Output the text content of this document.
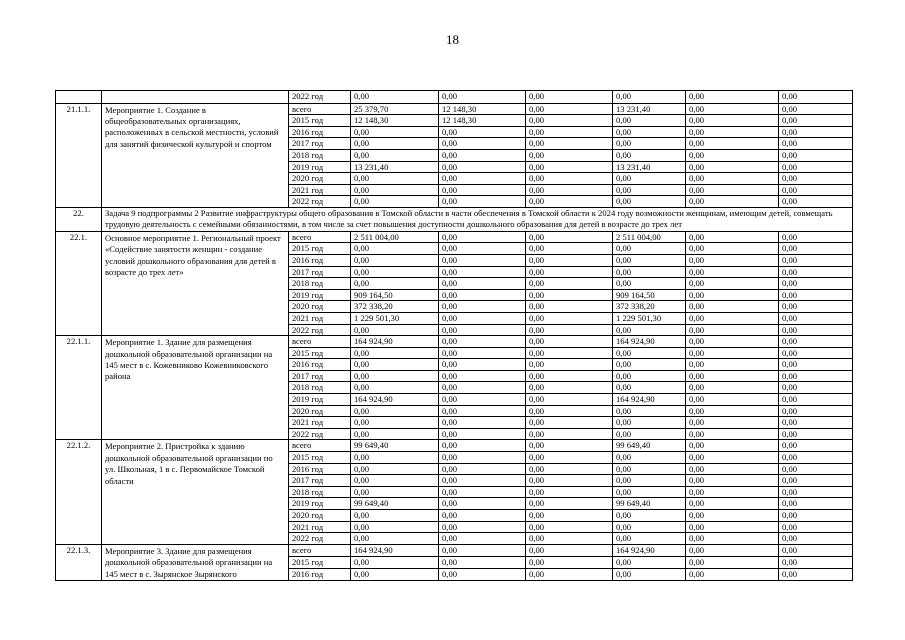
18
		2022 год	0,00	0,00	0,00	0,00	0,00	0,00
21.1.1.	Мероприятие 1. Создание в общеобразовательных организациях, расположенных в сельской местности, условий для занятий физической культурой и спортом	всего	25 379,70	12 148,30	0,00	13 231,40	0,00	0,00
		2015 год	12 148,30	12 148,30	0,00	0,00	0,00	0,00
		2016 год	0,00	0,00	0,00	0,00	0,00	0,00
		2017 год	0,00	0,00	0,00	0,00	0,00	0,00
		2018 год	0,00	0,00	0,00	0,00	0,00	0,00
		2019 год	13 231,40	0,00	0,00	13 231,40	0,00	0,00
		2020 год	0,00	0,00	0,00	0,00	0,00	0,00
		2021 год	0,00	0,00	0,00	0,00	0,00	0,00
		2022 год	0,00	0,00	0,00	0,00	0,00	0,00
22.	Задача 9 подпрограммы 2 Развитие инфраструктуры общего образования в Томской области в части обеспечения в Томской области к 2024 году возможности женщинам, имеющим детей, совмещать трудовую деятельность с семейными обязанностями, в том числе за счет повышения доступности дошкольного образования для детей в возрасте до трех лет							
22.1.	Основное мероприятие 1. Региональный проект «Содействие занятости женщин - создание условий дошкольного образования для детей в возрасте до трех лет»	всего	2 511 004,00	0,00	0,00	2 511 004,00	0,00	0,00
		2015 год	0,00	0,00	0,00	0,00	0,00	0,00
		2016 год	0,00	0,00	0,00	0,00	0,00	0,00
		2017 год	0,00	0,00	0,00	0,00	0,00	0,00
		2018 год	0,00	0,00	0,00	0,00	0,00	0,00
		2019 год	909 164,50	0,00	0,00	909 164,50	0,00	0,00
		2020 год	372 338,20	0,00	0,00	372 338,20	0,00	0,00
		2021 год	1 229 501,30	0,00	0,00	1 229 501,30	0,00	0,00
		2022 год	0,00	0,00	0,00	0,00	0,00	0,00
22.1.1.	Мероприятие 1. Здание для размещения дошкольной образовательной организации на 145 мест в с. Кожевниково Кожевниковского района	всего	164 924,90	0,00	0,00	164 924,90	0,00	0,00
		2015 год	0,00	0,00	0,00	0,00	0,00	0,00
		2016 год	0,00	0,00	0,00	0,00	0,00	0,00
		2017 год	0,00	0,00	0,00	0,00	0,00	0,00
		2018 год	0,00	0,00	0,00	0,00	0,00	0,00
		2019 год	164 924,90	0,00	0,00	164 924,90	0,00	0,00
		2020 год	0,00	0,00	0,00	0,00	0,00	0,00
		2021 год	0,00	0,00	0,00	0,00	0,00	0,00
		2022 год	0,00	0,00	0,00	0,00	0,00	0,00
22.1.2.	Мероприятие 2. Пристройка к зданию дошкольной образовательной организации по ул. Школьная, 1 в с. Первомайское Томской области	всего	99 649,40	0,00	0,00	99 649,40	0,00	0,00
		2015 год	0,00	0,00	0,00	0,00	0,00	0,00
		2016 год	0,00	0,00	0,00	0,00	0,00	0,00
		2017 год	0,00	0,00	0,00	0,00	0,00	0,00
		2018 год	0,00	0,00	0,00	0,00	0,00	0,00
		2019 год	99 649,40	0,00	0,00	99 649,40	0,00	0,00
		2020 год	0,00	0,00	0,00	0,00	0,00	0,00
		2021 год	0,00	0,00	0,00	0,00	0,00	0,00
		2022 год	0,00	0,00	0,00	0,00	0,00	0,00
22.1.3.	Мероприятие 3. Здание для размещения дошкольной образовательной организации на 145 мест в с. Зырянское Зырянского	всего	164 924,90	0,00	0,00	164 924,90	0,00	0,00
		2015 год	0,00	0,00	0,00	0,00	0,00	0,00
		2016 год	0,00	0,00	0,00	0,00	0,00	0,00
